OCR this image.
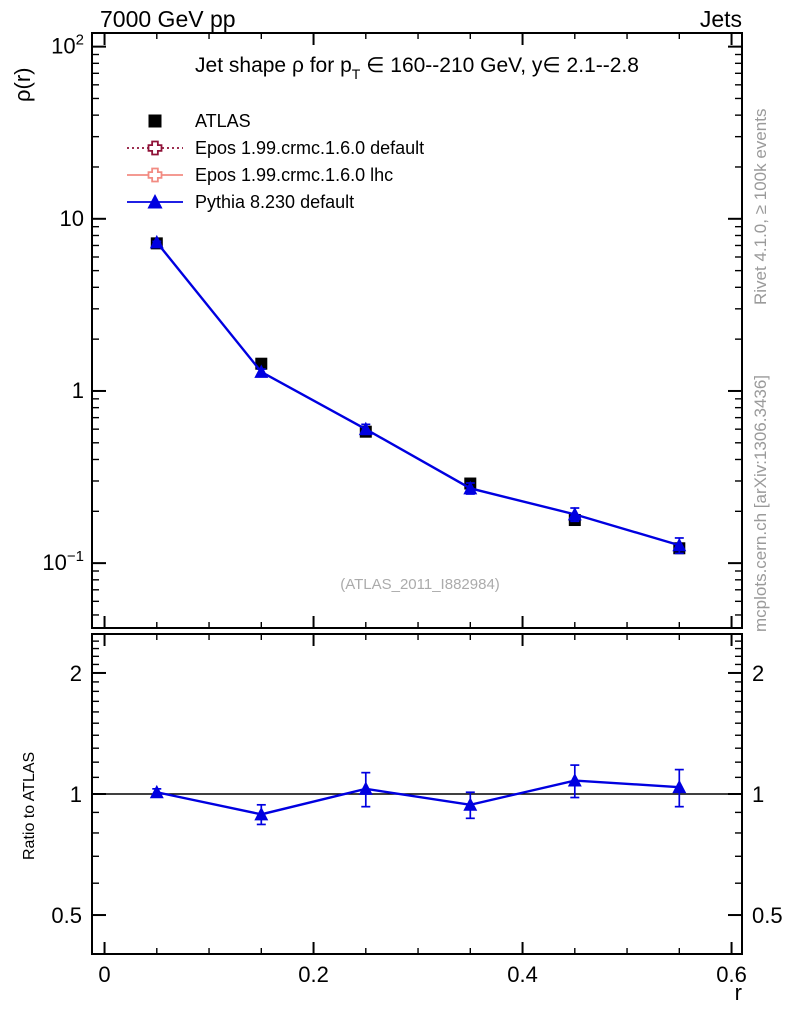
7000 GeV pp	Jets
Jet shape ρ for $p_T$ ∈ 160--210 GeV, y∈ 2.1--2.8
ρ(r)
Ratio to ATLAS
r
Rivet 4.1.0, ≥ 100k events
mcplots.cern.ch [arXiv:1306.3436]
(ATLAS_2011_I882984)
0	0.2	0.4	0.6
$10^2$
10
1
$10^{-1}$
2	2
1	1
0.5	0.5
ATLAS
Epos 1.99.crmc.1.6.0 default
Epos 1.99.crmc.1.6.0 lhc
Pythia 8.230 default
